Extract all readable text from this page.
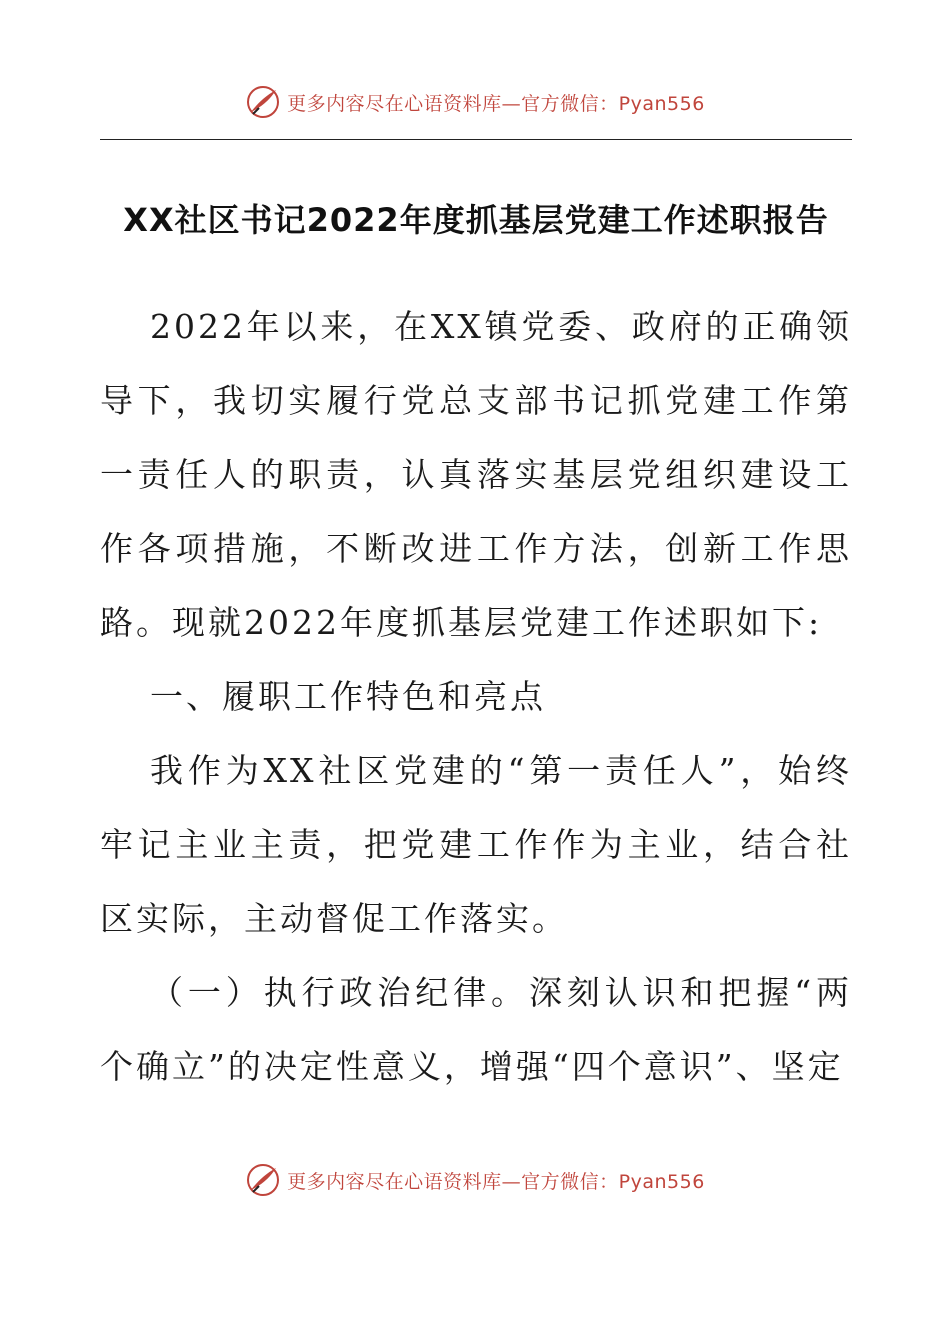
更多内容尽在心语资料库—官方微信：Pyan556
XX社区书记2022年度抓基层党建工作述职报告

2022年以来，在XX镇党委、政府的正确领导下，我切实履行党总支部书记抓党建工作第一责任人的职责，认真落实基层党组织建设工作各项措施，不断改进工作方法，创新工作思路。现就2022年度抓基层党建工作述职如下:

一、履职工作特色和亮点

我作为XX社区党建的“第一责任人”，始终牢记主业主责，把党建工作作为主业，结合社区实际，主动督促工作落实。

（一）执行政治纪律。深刻认识和把握“两个确立”的决定性意义，增强“四个意识”、坚定

更多内容尽在心语资料库—官方微信：Pyan556
